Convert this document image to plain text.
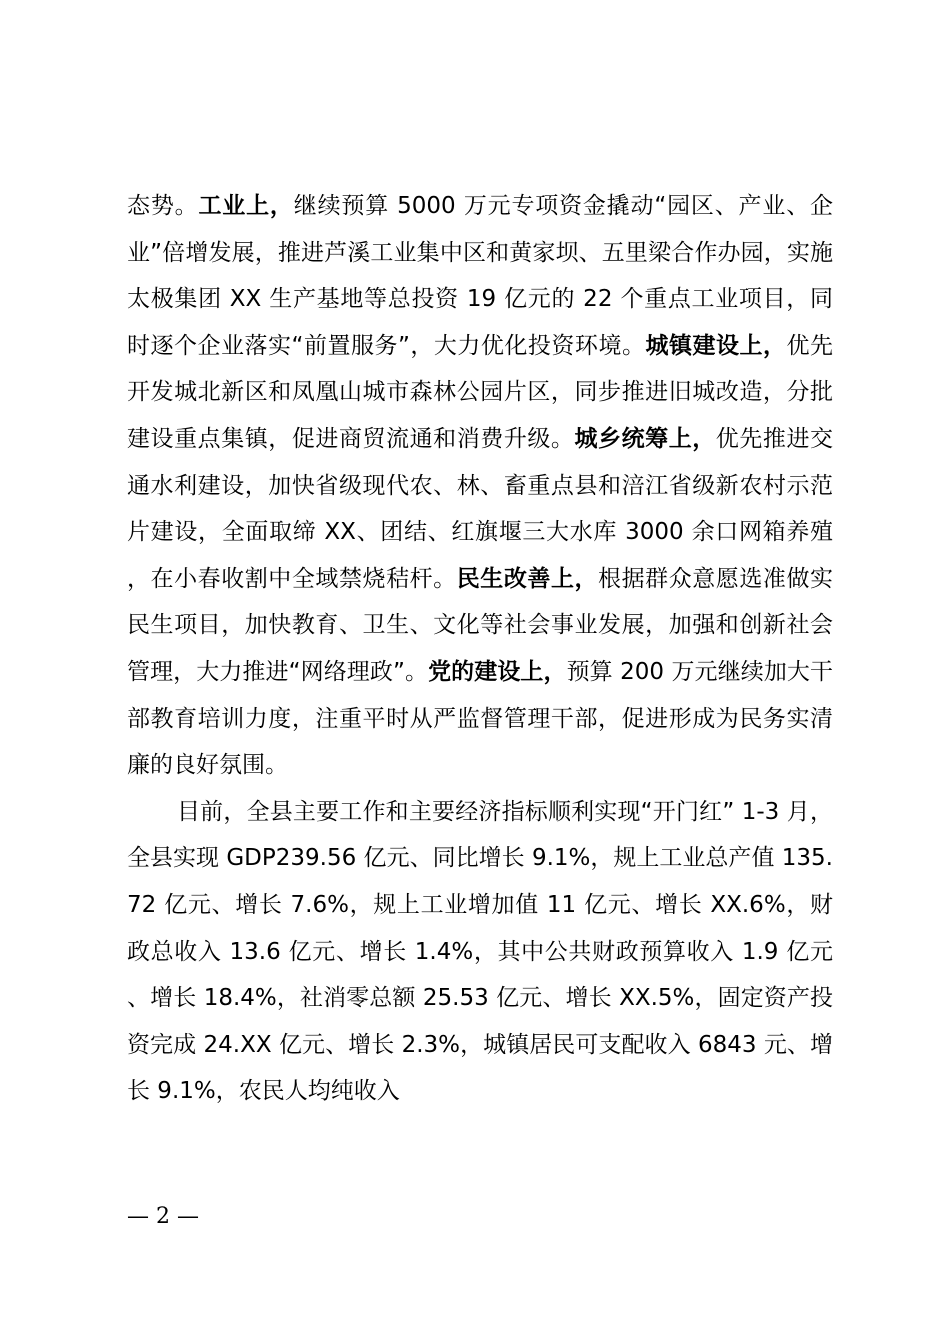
态势。工业上，继续预算 5000 万元专项资金撬动“园区、产业、企业”倍增发展，推进芦溪工业集中区和黄家坝、五里梁合作办园，实施太极集团 XX 生产基地等总投资 19 亿元的 22 个重点工业项目，同时逐个企业落实“前置服务”，大力优化投资环境。城镇建设上，优先开发城北新区和凤凰山城市森林公园片区，同步推进旧城改造，分批建设重点集镇，促进商贸流通和消费升级。城乡统筹上，优先推进交通水利建设，加快省级现代农、林、畜重点县和涪江省级新农村示范片建设，全面取缔 XX、团结、红旗堰三大水库 3000 余口网箱养殖，在小春收割中全域禁烧秸杆。民生改善上，根据群众意愿选准做实民生项目，加快教育、卫生、文化等社会事业发展，加强和创新社会管理，大力推进“网络理政”。党的建设上，预算 200 万元继续加大干部教育培训力度，注重平时从严监督管理干部，促进形成为民务实清廉的良好氛围。

目前，全县主要工作和主要经济指标顺利实现“开门红” 1-3 月，全县实现 GDP239.56 亿元、同比增长 9.1%，规上工业总产值 135.72 亿元、增长 7.6%，规上工业增加值 11 亿元、增长 XX.6%，财政总收入 13.6 亿元、增长 1.4%，其中公共财政预算收入 1.9 亿元、增长 18.4%，社消零总额 25.53 亿元、增长 XX.5%，固定资产投资完成 24.XX 亿元、增长 2.3%，城镇居民可支配收入 6843 元、增长 9.1%，农民人均纯收入

— 2 —
